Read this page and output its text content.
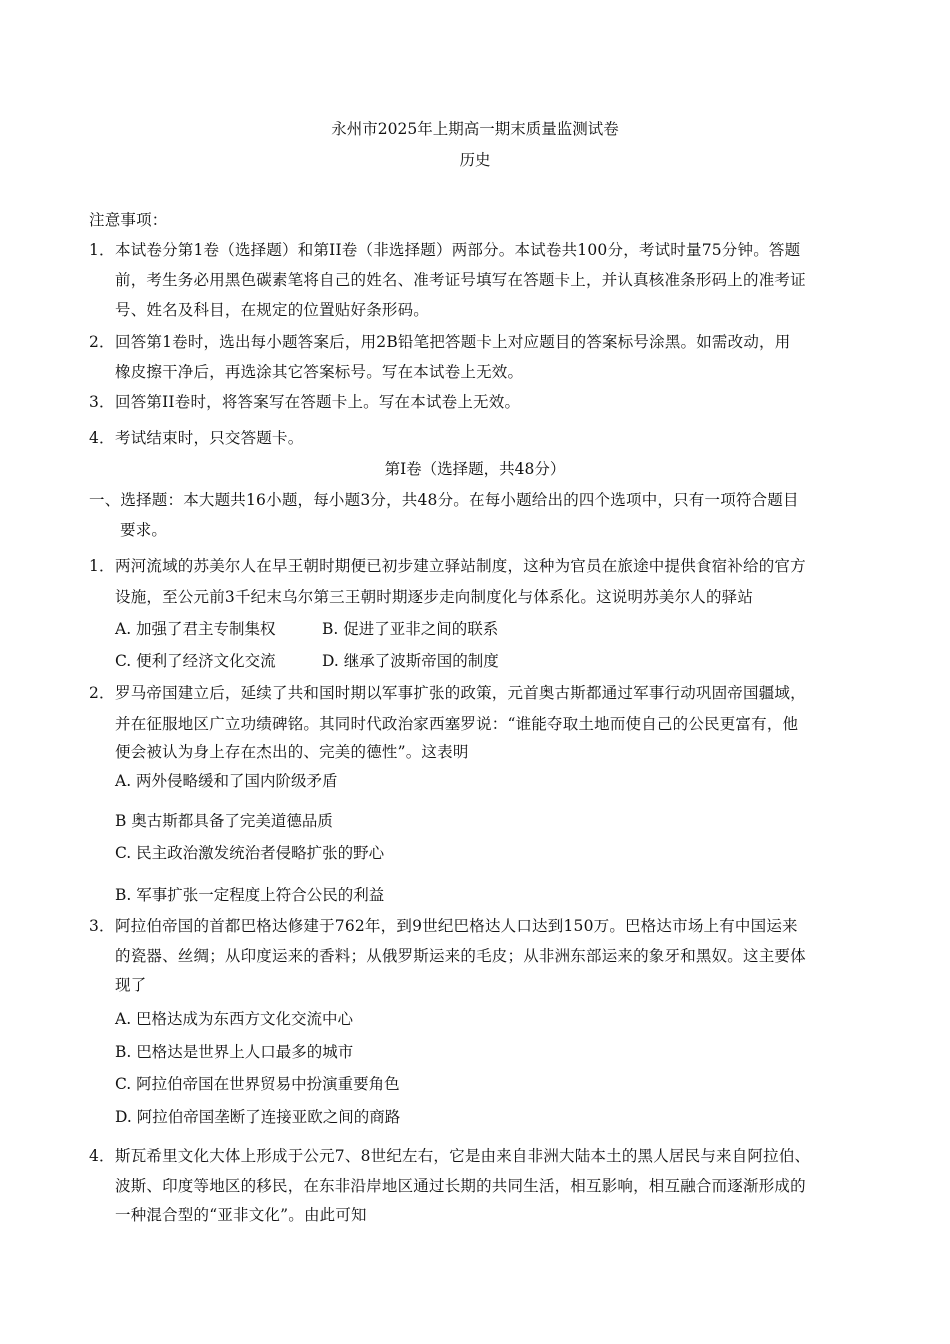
永州市2025年上期高一期末质量监测试卷
历史
注意事项：
1．本试卷分第1卷（选择题）和第II卷（非选择题）两部分。本试卷共100分，考试时量75分钟。答题
前，考生务必用黑色碳素笔将自己的姓名、准考证号填写在答题卡上，并认真核准条形码上的准考证
号、姓名及科目，在规定的位置贴好条形码。
2．回答第1卷时，选出每小题答案后，用2B铅笔把答题卡上对应题目的答案标号涂黑。如需改动，用
橡皮擦干净后，再选涂其它答案标号。写在本试卷上无效。
3．回答第II卷时，将答案写在答题卡上。写在本试卷上无效。
4．考试结束时，只交答题卡。
第I卷（选择题，共48分）
一、选择题：本大题共16小题，每小题3分，共48分。在每小题给出的四个选项中，只有一项符合题目
要求。
1．两河流域的苏美尔人在早王朝时期便已初步建立驿站制度，这种为官员在旅途中提供食宿补给的官方
设施，至公元前3千纪末乌尔第三王朝时期逐步走向制度化与体系化。这说明苏美尔人的驿站
A. 加强了君主专制集权	B. 促进了亚非之间的联系
C. 便利了经济文化交流	D. 继承了波斯帝国的制度
2．罗马帝国建立后，延续了共和国时期以军事扩张的政策，元首奥古斯都通过军事行动巩固帝国疆域，
并在征服地区广立功绩碑铭。其同时代政治家西塞罗说：“谁能夺取土地而使自己的公民更富有，他
便会被认为身上存在杰出的、完美的德性”。这表明
A. 两外侵略缓和了国内阶级矛盾
B 奥古斯都具备了完美道德品质
C. 民主政治激发统治者侵略扩张的野心
B. 军事扩张一定程度上符合公民的利益
3．阿拉伯帝国的首都巴格达修建于762年，到9世纪巴格达人口达到150万。巴格达市场上有中国运来
的瓷器、丝绸；从印度运来的香料；从俄罗斯运来的毛皮；从非洲东部运来的象牙和黑奴。这主要体
现了
A. 巴格达成为东西方文化交流中心
B. 巴格达是世界上人口最多的城市
C. 阿拉伯帝国在世界贸易中扮演重要角色
D. 阿拉伯帝国垄断了连接亚欧之间的商路
4．斯瓦希里文化大体上形成于公元7、8世纪左右，它是由来自非洲大陆本土的黑人居民与来自阿拉伯、
波斯、印度等地区的移民，在东非沿岸地区通过长期的共同生活，相互影响，相互融合而逐渐形成的
一种混合型的“亚非文化”。由此可知
